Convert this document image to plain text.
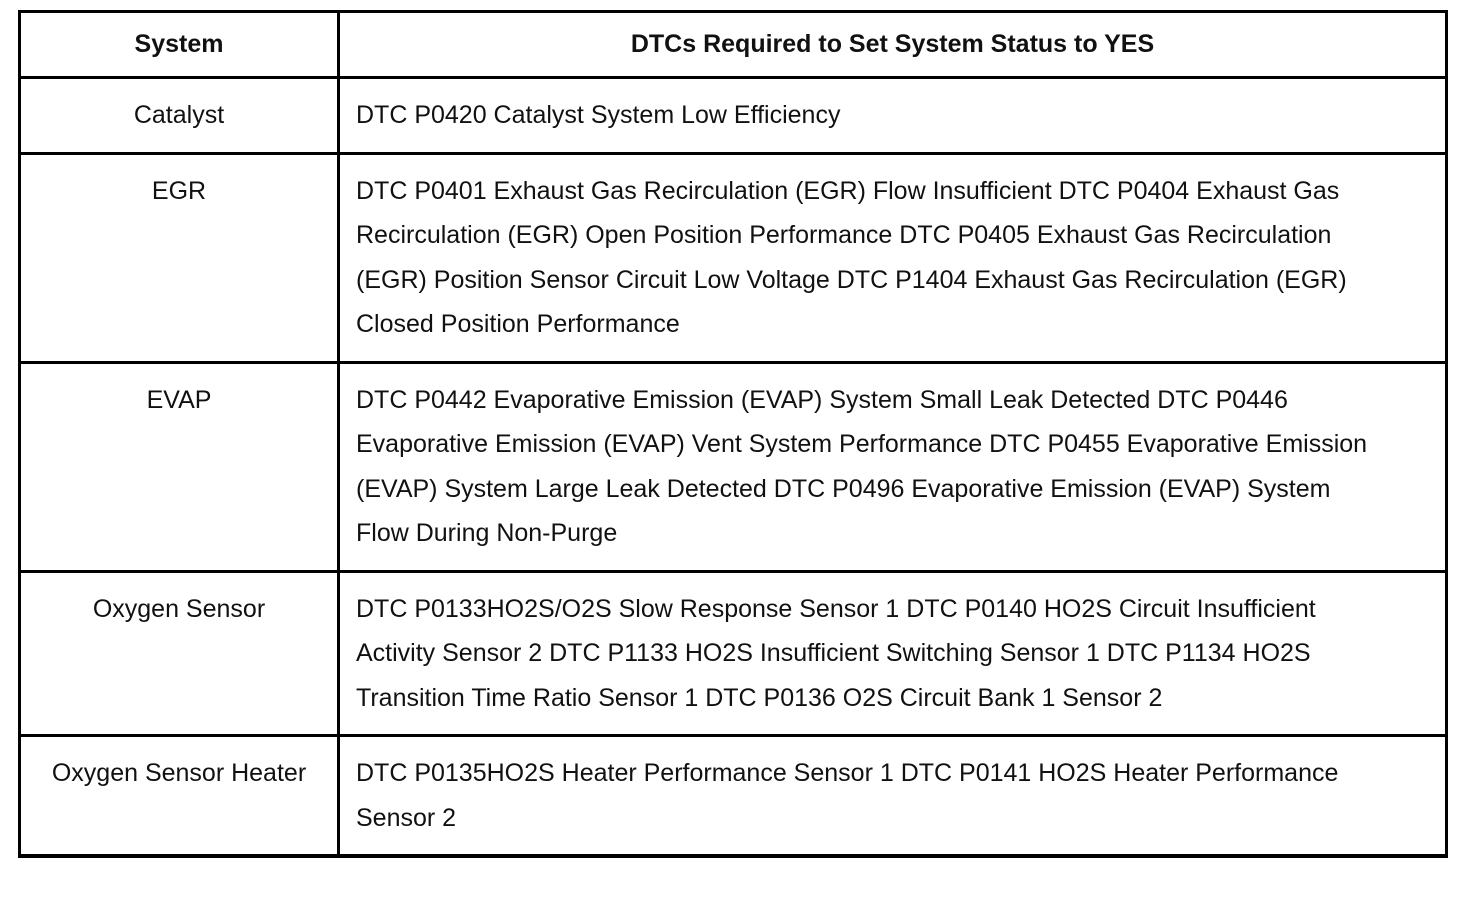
System	DTCs Required to Set System Status to YES
Catalyst	DTC P0420 Catalyst System Low Efficiency
EGR	DTC P0401 Exhaust Gas Recirculation (EGR) Flow Insufficient DTC P0404 Exhaust Gas Recirculation (EGR) Open Position Performance DTC P0405 Exhaust Gas Recirculation (EGR) Position Sensor Circuit Low Voltage DTC P1404 Exhaust Gas Recirculation (EGR) Closed Position Performance
EVAP	DTC P0442 Evaporative Emission (EVAP) System Small Leak Detected DTC P0446 Evaporative Emission (EVAP) Vent System Performance DTC P0455 Evaporative Emission (EVAP) System Large Leak Detected DTC P0496 Evaporative Emission (EVAP) System Flow During Non-Purge
Oxygen Sensor	DTC P0133HO2S/O2S Slow Response Sensor 1 DTC P0140 HO2S Circuit Insufficient Activity Sensor 2 DTC P1133 HO2S Insufficient Switching Sensor 1 DTC P1134 HO2S Transition Time Ratio Sensor 1 DTC P0136 O2S Circuit Bank 1 Sensor 2
Oxygen Sensor Heater	DTC P0135HO2S Heater Performance Sensor 1 DTC P0141 HO2S Heater Performance Sensor 2
